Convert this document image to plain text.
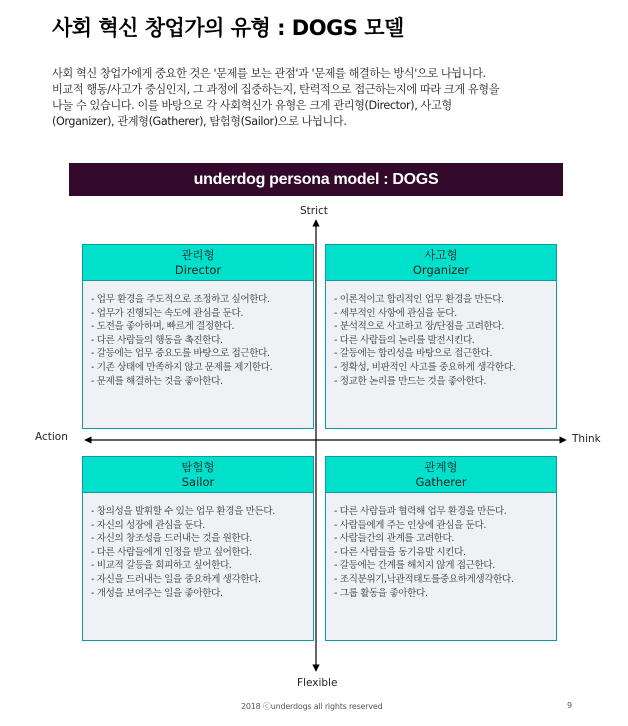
사회 혁신 창업가의 유형 : DOGS 모델

사회 혁신 창업가에게 중요한 것은 '문제를 보는 관점'과 '문제를 해결하는 방식'으로 나뉩니다.

비교적 행동/사고가 중심인지, 그 과정에 집중하는지, 탄력적으로 접근하는지에 따라 크게 유형을

나눌 수 있습니다. 이를 바탕으로 각 사회혁신가 유형은 크게 관리형(Director), 사고형

(Organizer), 관계형(Gatherer), 탐험형(Sailor)으로 나뉩니다.

underdog persona model : DOGS
Strict
Flexible
Action	Think
관리형
Director
- 업무 환경을 주도적으로 조정하고 싶어한다.
- 업무가 진행되는 속도에 관심을 둔다.
- 도전을 좋아하며, 빠르게 결정한다.
- 다른 사람들의 행동을 촉진한다.
- 갈등에는 업무 중요도를 바탕으로 접근한다.
- 기존 상태에 만족하지 않고 문제를 제기한다.
- 문제를 해결하는 것을 좋아한다.
사고형
Organizer
- 이론적이고 합리적인 업무 환경을 만든다.
- 세부적인 사항에 관심을 둔다.
- 분석적으로 사고하고 장/단점을 고려한다.
- 다른 사람들의 논리를 발전시킨다.
- 갈등에는 합리성을 바탕으로 접근한다.
- 정확성, 비판적인 사고를 중요하게 생각한다.
- 정교한 논리를 만드는 것을 좋아한다.
탐험형
Sailor
- 창의성을 발휘할 수 있는 업무 환경을 만든다.
- 자신의 성장에 관심을 둔다.
- 자신의 창조성을 드러내는 것을 원한다.
- 다른 사람들에게 인정을 받고 싶어한다.
- 비교적 갈등을 회피하고 싶어한다.
- 자신을 드러내는 일을 중요하게 생각한다.
- 개성을 보여주는 일을 좋아한다.
관계형
Gatherer
- 다른 사람들과 협력해 업무 환경을 만든다.
- 사람들에게 주는 인상에 관심을 둔다.
- 사람들간의 관계를 고려한다.
- 다른 사람들을 동기유발 시킨다.
- 갈등에는 간계를 해치지 않게 접근한다.
- 조직분위기,낙관적태도를중요하게생각한다.
- 그룹 활동을 좋아한다.
2018 ⓒunderdogs all rights reserved	9
